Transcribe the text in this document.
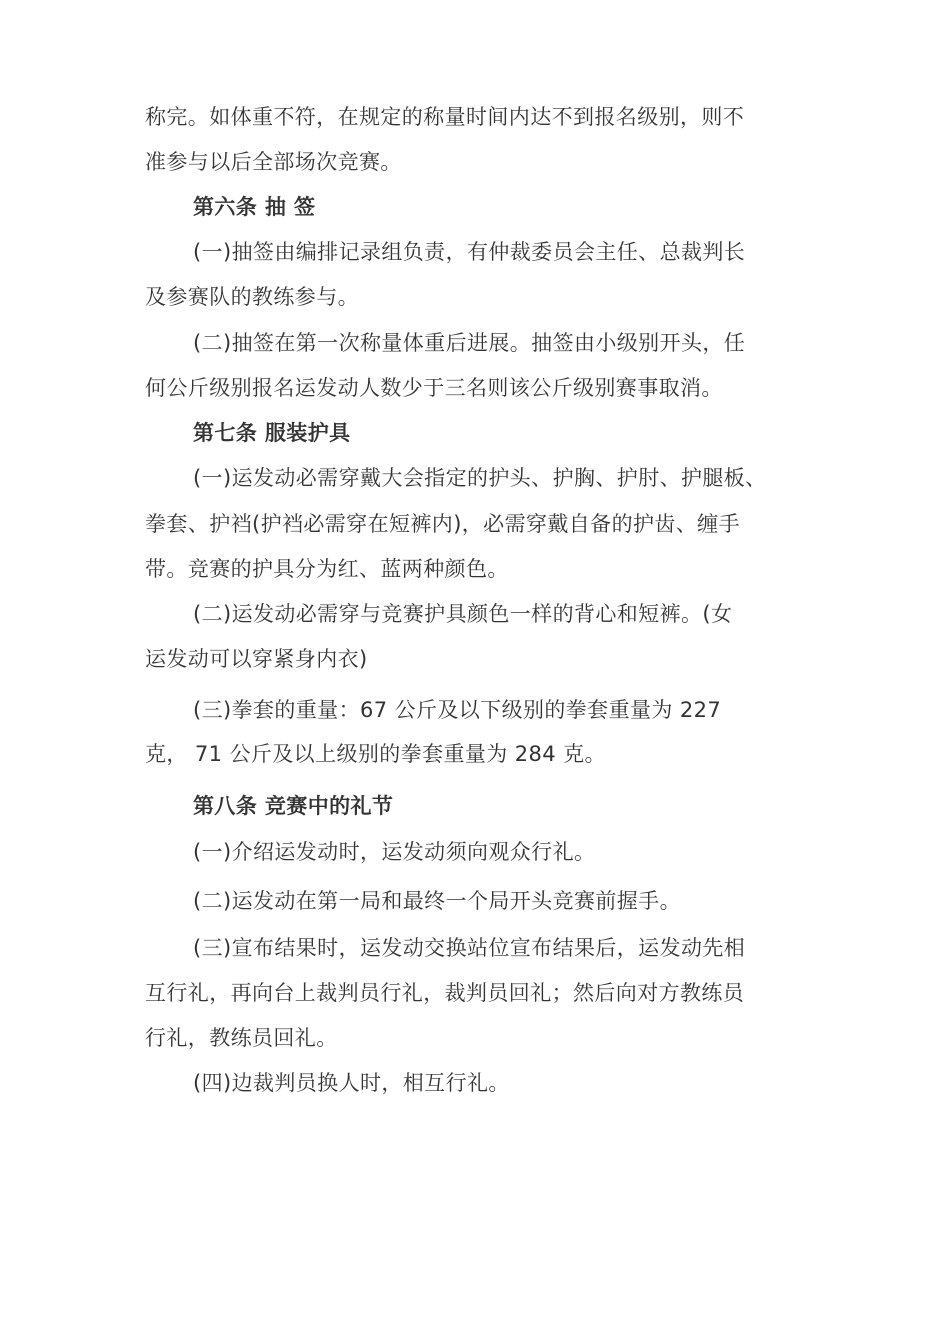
称完。如体重不符，在规定的称量时间内达不到报名级别，则不
准参与以后全部场次竞赛。
第六条 抽 签
(一)抽签由编排记录组负责，有仲裁委员会主任、总裁判长
及参赛队的教练参与。
(二)抽签在第一次称量体重后进展。抽签由小级别开头，任
何公斤级别报名运发动人数少于三名则该公斤级别赛事取消。
第七条 服装护具
(一)运发动必需穿戴大会指定的护头、护胸、护肘、护腿板、
拳套、护裆(护裆必需穿在短裤内)，必需穿戴自备的护齿、缠手
带。竞赛的护具分为红、蓝两种颜色。
(二)运发动必需穿与竞赛护具颜色一样的背心和短裤。(女
运发动可以穿紧身内衣)
(三)拳套的重量：67 公斤及以下级别的拳套重量为 227
克， 71 公斤及以上级别的拳套重量为 284 克。
第八条 竞赛中的礼节
(一)介绍运发动时，运发动须向观众行礼。
(二)运发动在第一局和最终一个局开头竞赛前握手。
(三)宣布结果时，运发动交换站位宣布结果后，运发动先相
互行礼，再向台上裁判员行礼，裁判员回礼；然后向对方教练员
行礼，教练员回礼。
(四)边裁判员换人时，相互行礼。
